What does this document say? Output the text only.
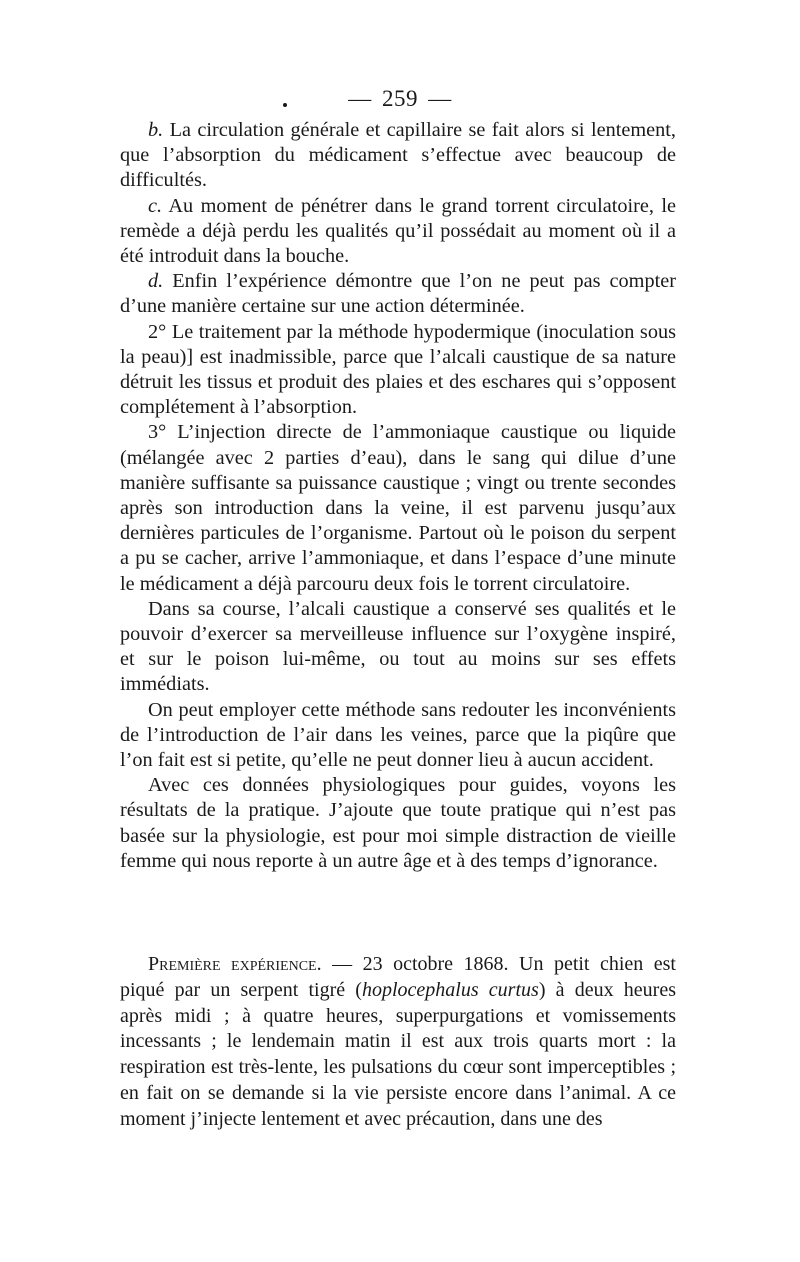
— 259 —

b. La circulation générale et capillaire se fait alors si lentement, que l’absorption du médicament s’effectue avec beaucoup de difficultés.

c. Au moment de pénétrer dans le grand torrent circulatoire, le remède a déjà perdu les qualités qu’il possédait au moment où il a été introduit dans la bouche.

d. Enfin l’expérience démontre que l’on ne peut pas compter d’une manière certaine sur une action déterminée.

2° Le traitement par la méthode hypodermique (inoculation sous la peau)] est inadmissible, parce que l’alcali caustique de sa nature détruit les tissus et produit des plaies et des eschares qui s’opposent complétement à l’absorption.

3° L’injection directe de l’ammoniaque caustique ou liquide (mélangée avec 2 parties d’eau), dans le sang qui dilue d’une manière suffisante sa puissance caustique ; vingt ou trente secondes après son introduction dans la veine, il est parvenu jusqu’aux dernières particules de l’organisme. Partout où le poison du serpent a pu se cacher, arrive l’ammoniaque, et dans l’espace d’une minute le médicament a déjà parcouru deux fois le torrent circulatoire.

Dans sa course, l’alcali caustique a conservé ses qualités et le pouvoir d’exercer sa merveilleuse influence sur l’oxygène inspiré, et sur le poison lui-même, ou tout au moins sur ses effets immédiats.

On peut employer cette méthode sans redouter les inconvénients de l’introduction de l’air dans les veines, parce que la piqûre que l’on fait est si petite, qu’elle ne peut donner lieu à aucun accident.

Avec ces données physiologiques pour guides, voyons les résultats de la pratique. J’ajoute que toute pratique qui n’est pas basée sur la physiologie, est pour moi simple distraction de vieille femme qui nous reporte à un autre âge et à des temps d’ignorance.

Première expérience. — 23 octobre 1868. Un petit chien est piqué par un serpent tigré (hoplocephalus curtus) à deux heures après midi ; à quatre heures, superpurgations et vomissements incessants ; le lendemain matin il est aux trois quarts mort : la respiration est très-lente, les pulsations du cœur sont imperceptibles ; en fait on se demande si la vie persiste encore dans l’animal. A ce moment j’injecte lentement et avec précaution, dans une des
